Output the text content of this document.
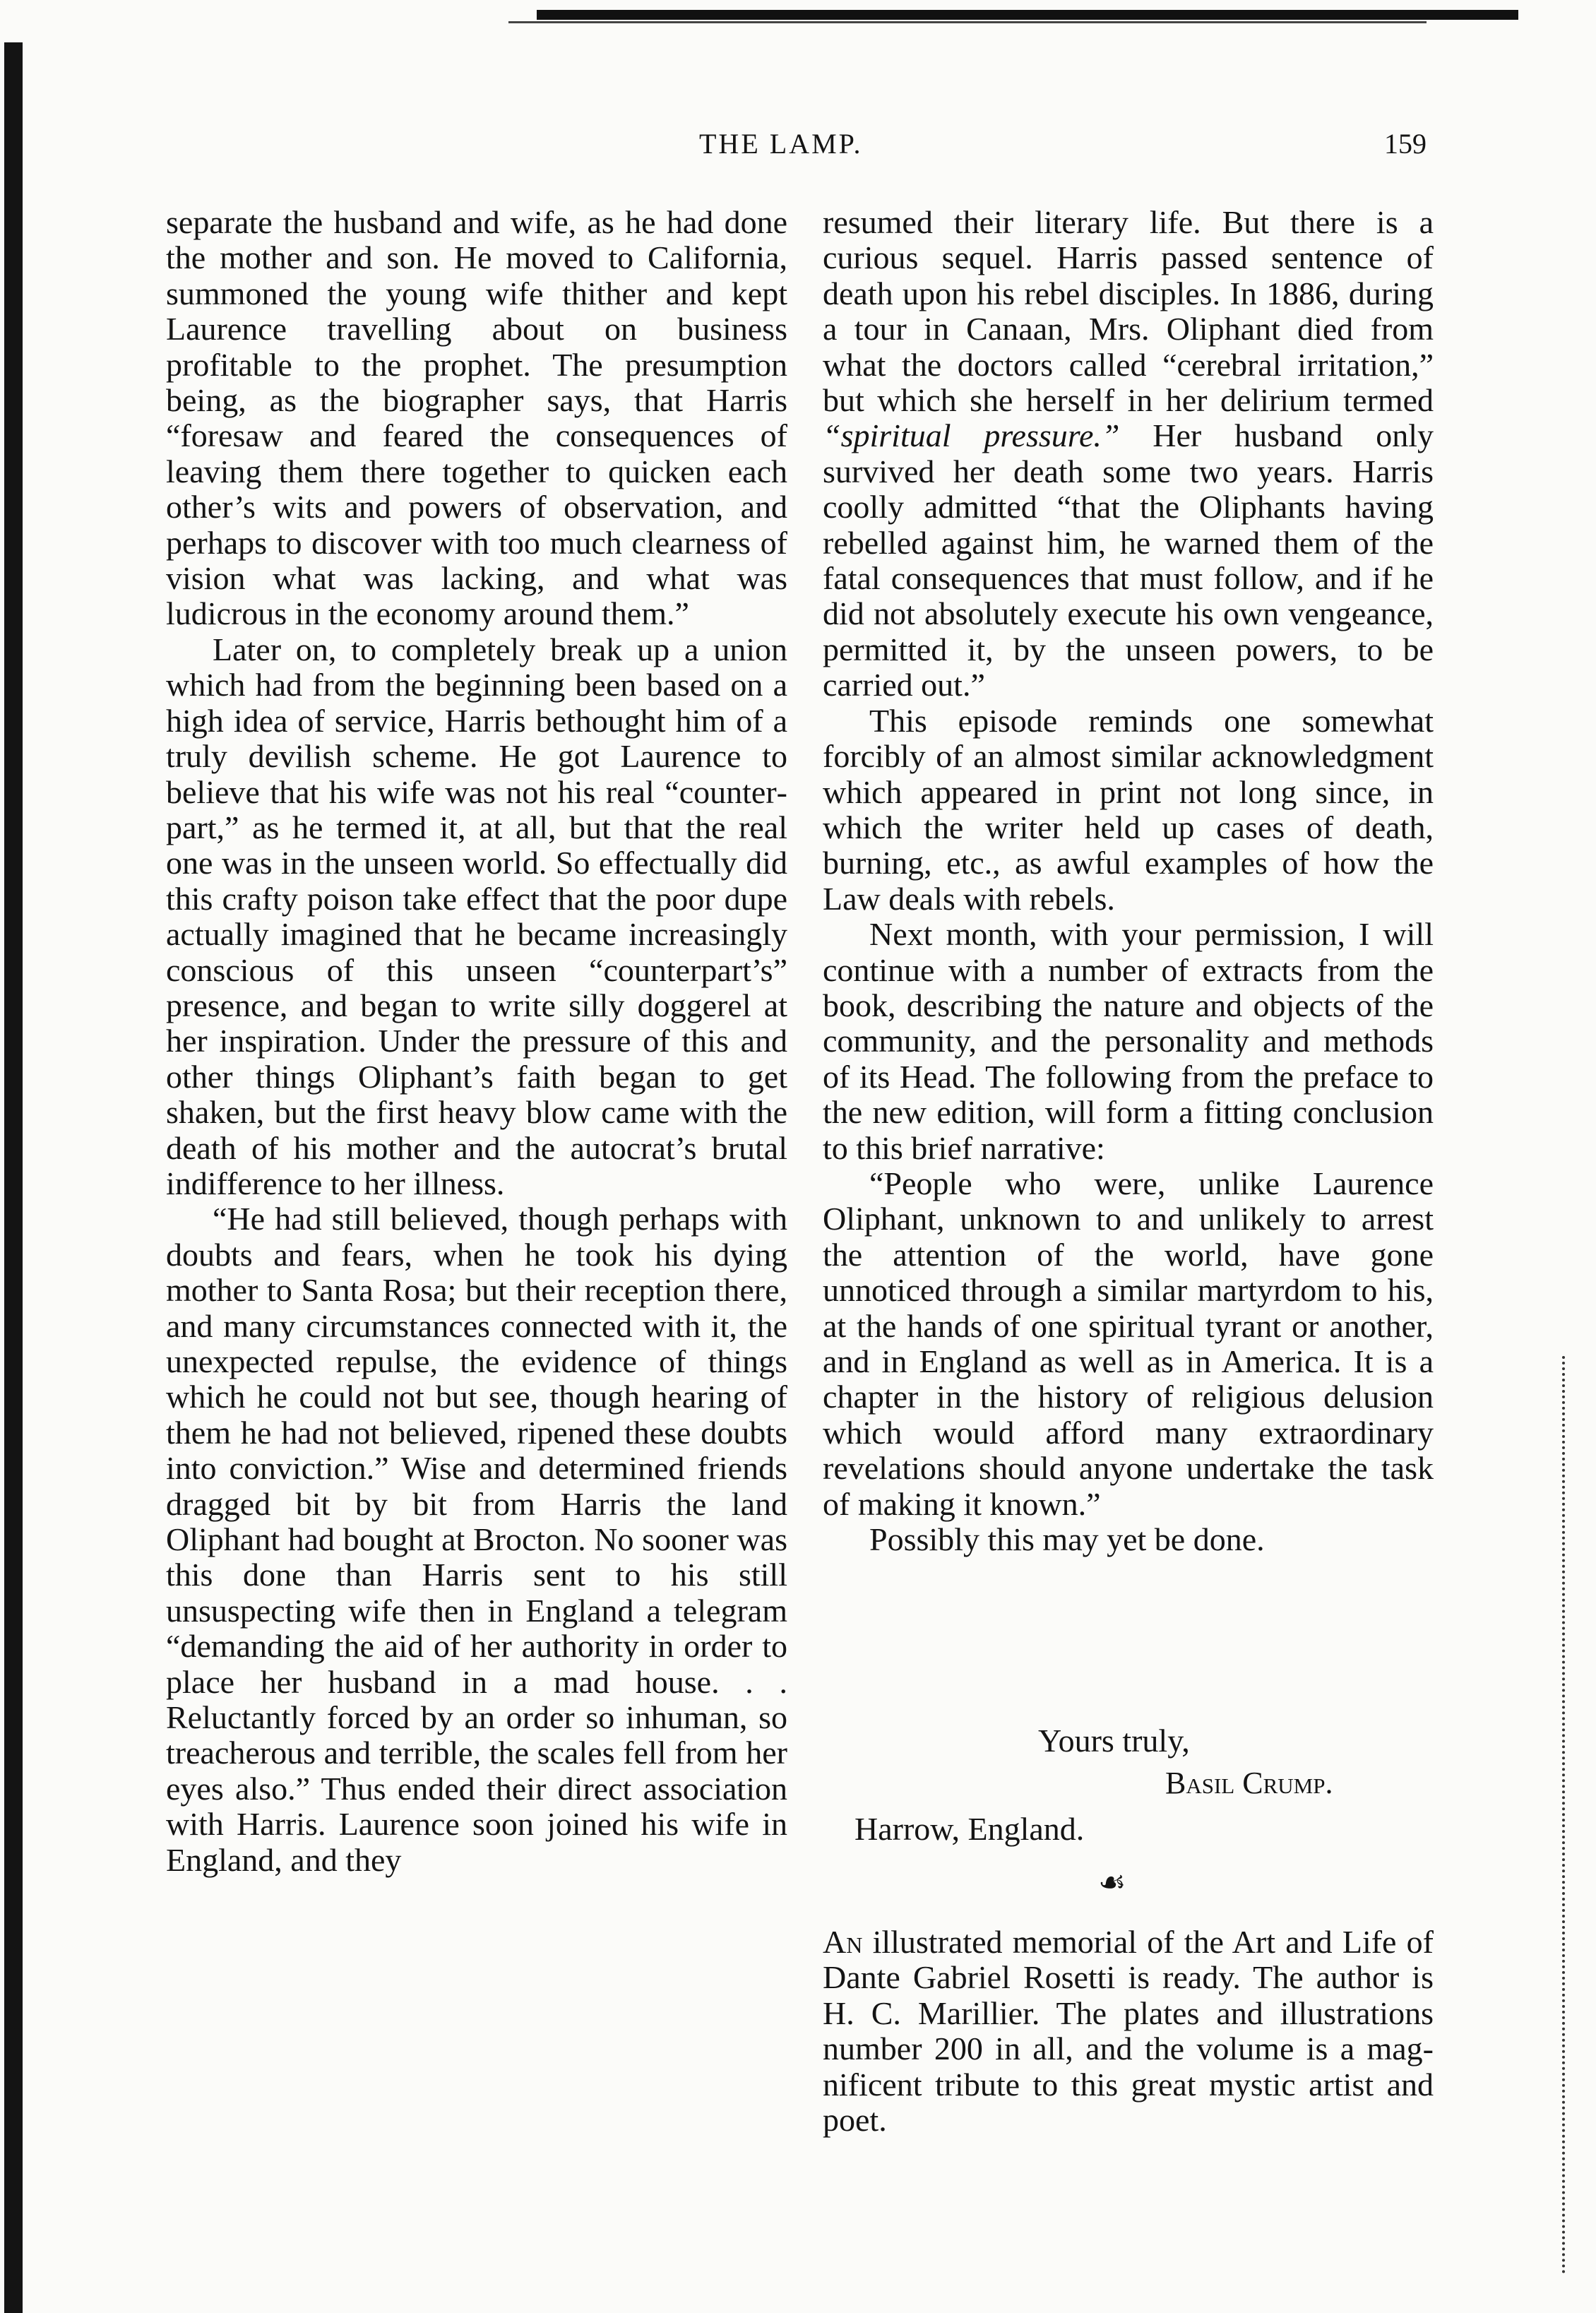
THE LAMP.	159

separate the husband and wife, as he had done the mother and son. He moved to California, summoned the young wife thither and kept Laurence travelling about on business profitable to the prophet. The presumption being, as the biographer says, that Harris “foresaw and feared the consequences of leaving them there together to quicken each other’s wits and powers of observation, and perhaps to discover with too much clearness of vision what was lacking, and what was ludicrous in the economy around them.”

Later on, to completely break up a union which had from the beginning been based on a high idea of service, Harris bethought him of a truly devilish scheme. He got Laurence to believe that his wife was not his real “counterpart,” as he termed it, at all, but that the real one was in the unseen world. So effectually did this crafty poison take effect that the poor dupe actually imagined that he became increasingly conscious of this unseen “counterpart’s” presence, and began to write silly doggerel at her inspiration. Under the pressure of this and other things Oliphant’s faith began to get shaken, but the first heavy blow came with the death of his mother and the autocrat’s brutal indifference to her illness.

“He had still believed, though perhaps with doubts and fears, when he took his dying mother to Santa Rosa; but their reception there, and many circumstances connected with it, the unexpected repulse, the evidence of things which he could not but see, though hearing of them he had not believed, ripened these doubts into conviction.” Wise and determined friends dragged bit by bit from Harris the land Oliphant had bought at Brocton. No sooner was this done than Harris sent to his still unsuspecting wife then in England a telegram “demanding the aid of her authority in order to place her husband in a mad house. . . Reluctantly forced by an order so inhuman, so treacherous and terrible, the scales fell from her eyes also.” Thus ended their direct association with Harris. Laurence soon joined his wife in England, and they

resumed their literary life. But there is a curious sequel. Harris passed sentence of death upon his rebel disciples. In 1886, during a tour in Canaan, Mrs. Oliphant died from what the doctors called “cerebral irritation,” but which she herself in her delirium termed “spiritual pressure.” Her husband only survived her death some two years. Harris coolly admitted “that the Oliphants having rebelled against him, he warned them of the fatal consequences that must follow, and if he did not absolutely execute his own vengeance, permitted it, by the unseen powers, to be carried out.”

This episode reminds one somewhat forcibly of an almost similar acknowledgment which appeared in print not long since, in which the writer held up cases of death, burning, etc., as awful examples of how the Law deals with rebels.

Next month, with your permission, I will continue with a number of extracts from the book, describing the nature and objects of the community, and the personality and methods of its Head. The following from the preface to the new edition, will form a fitting conclusion to this brief narrative:

“People who were, unlike Laurence Oliphant, unknown to and unlikely to arrest the attention of the world, have gone unnoticed through a similar martyrdom to his, at the hands of one spiritual tyrant or another, and in England as well as in America. It is a chapter in the history of religious delusion which would afford many extraordinary revelations should anyone undertake the task of making it known.”

Possibly this may yet be done.

Yours truly,
Basil Crump.
Harrow, England.
☙
An illustrated memorial of the Art and Life of Dante Gabriel Rosetti is ready. The author is H. C. Marillier. The plates and illustrations number 200 in all, and the volume is a magnificent tribute to this great mystic artist and poet.
